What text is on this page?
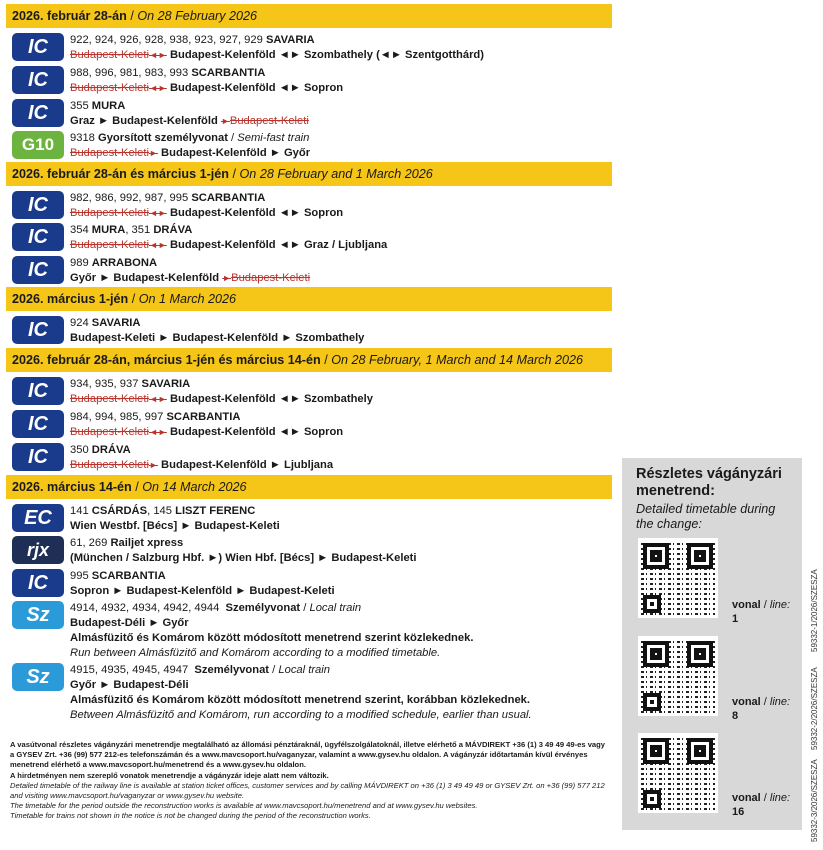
2026. február 28-án / On 28 February 2026
2026. február 28-án és március 1-jén / On 28 February and 1 March 2026
2026. március 1-jén / On 1 March 2026
2026. február 28-án, március 1-jén és március 14-én / On 28 February, 1 March and 14 March 2026
2026. március 14-én / On 14 March 2026
IC	922, 924, 926, 928, 938, 923, 927, 929 SAVARIA
Budapest-Keleti◄► Budapest-Kelenföld ◄► Szombathely (◄► Szentgotthárd)
IC	988, 996, 981, 983, 993 SCARBANTIA
Budapest-Keleti◄► Budapest-Kelenföld ◄► Sopron
IC	355 MURA
Graz ► Budapest-Kelenföld ►Budapest-Keleti
G10	9318 Gyorsított személyvonat / Semi-fast train
Budapest-Keleti► Budapest-Kelenföld ► Győr
IC	982, 986, 992, 987, 995 SCARBANTIA
Budapest-Keleti◄► Budapest-Kelenföld ◄► Sopron
IC	354 MURA, 351 DRÁVA
Budapest-Keleti◄► Budapest-Kelenföld ◄► Graz / Ljubljana
IC	989 ARRABONA
Győr ► Budapest-Kelenföld ►Budapest-Keleti
IC	924 SAVARIA
Budapest-Keleti ► Budapest-Kelenföld ► Szombathely
IC	934, 935, 937 SAVARIA
Budapest-Keleti◄► Budapest-Kelenföld ◄► Szombathely
IC	984, 994, 985, 997 SCARBANTIA
Budapest-Keleti◄► Budapest-Kelenföld ◄► Sopron
IC	350 DRÁVA
Budapest-Keleti► Budapest-Kelenföld ► Ljubljana
EC	141 CSÁRDÁS, 145 LISZT FERENC
Wien Westbf. [Bécs] ► Budapest-Keleti
rjx	61, 269 Railjet xpress
(München / Salzburg Hbf. ►) Wien Hbf. [Bécs] ► Budapest-Keleti
IC	995 SCARBANTIA
Sopron ► Budapest-Kelenföld ► Budapest-Keleti
Sz	4914, 4932, 4934, 4942, 4944 Személyvonat / Local train
Budapest-Déli ► Győr
Almásfüzitő és Komárom között módosított menetrend szerint közlekednek.
Run between Almásfüzitő and Komárom according to a modified timetable.
Sz	4915, 4935, 4945, 4947 Személyvonat / Local train
Győr ► Budapest-Déli
Almásfüzitő és Komárom között módosított menetrend szerint, korábban közlekednek.
Between Almásfüzitő and Komárom, run according to a modified schedule, earlier than usual.
A vasútvonal részletes vágányzári menetrendje megtalálható az állomási pénztáraknál, ügyfélszolgálatoknál, illetve elérhető a MÁVDIREKT +36 (1) 3 49 49 49-es vagy a GYSEV Zrt. +36 (99) 577 212-es telefonszámán és a www.mavcsoport.hu/vaganyzar, valamint a www.gysev.hu oldalon. A vágányzár időtartamán kívül érvényes menetrend elérhető a www.mavcsoport.hu/menetrend és a www.gysev.hu oldalon.
A hirdetményen nem szereplő vonatok menetrendje a vágányzár ideje alatt nem változik.
Detailed timetable of the railway line is available at station ticket offices, customer services and by calling MÁVDIREKT on +36 (1) 3 49 49 49 or GYSEV Zrt. on +36 (99) 577 212 and visiting www.mavcsoport.hu/vaganyzar or www.gysev.hu website.
The timetable for the period outside the reconstruction works is available at www.mavcsoport.hu/menetrend and at www.gysev.hu websites.
Timetable for trains not shown in the notice is not be changed during the period of the reconstruction works.
Részletes vágányzári menetrend:
Detailed timetable during the change:
vonal / line:
1
vonal / line:
8
vonal / line:
16
59332-1/2026/SZESZA
59332-2/2026/SZESZA
59332-3/2026/SZESZA
